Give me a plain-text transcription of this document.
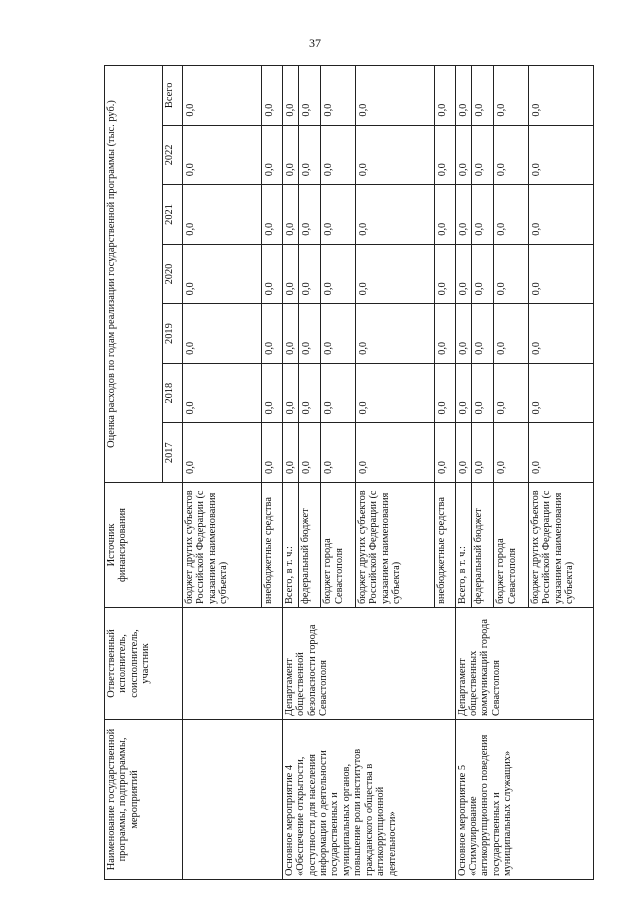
37
Наименование государственной программы, подпрограммы, мероприятий	Ответственный исполнитель, соисполнитель, участник	Источник финансирования	Оценка расходов по годам реализации государственной программы (тыс. руб.)						
			2017	2018	2019	2020	2021	2022	Всего
		бюджет других субъектов Российской Федерации (с указанием наименования субъекта)	0,0	0,0	0,0	0,0	0,0	0,0	0,0
		внебюджетные средства	0,0	0,0	0,0	0,0	0,0	0,0	0,0
Основное мероприятие 4 «Обеспечение открытости, доступности для населения информации о деятельности государственных и муниципальных органов, повышение роли институтов гражданского общества в антикоррупционной деятельности»	Департамент общественной безопасности города Севастополя	Всего, в т. ч.:	0,0	0,0	0,0	0,0	0,0	0,0	0,0
		федеральный бюджет	0,0	0,0	0,0	0,0	0,0	0,0	0,0
		бюджет города Севастополя	0,0	0,0	0,0	0,0	0,0	0,0	0,0
		бюджет других субъектов Российской Федерации (с указанием наименования субъекта)	0,0	0,0	0,0	0,0	0,0	0,0	0,0
		внебюджетные средства	0,0	0,0	0,0	0,0	0,0	0,0	0,0
Основное мероприятие 5 «Стимулирование антикоррупционного поведения государственных и муниципальных служащих»	Департамент общественных коммуникаций города Севастополя	Всего, в т. ч.:	0,0	0,0	0,0	0,0	0,0	0,0	0,0
		федеральный бюджет	0,0	0,0	0,0	0,0	0,0	0,0	0,0
		бюджет города Севастополя	0,0	0,0	0,0	0,0	0,0	0,0	0,0
		бюджет других субъектов Российской Федерации (с указанием наименования субъекта)	0,0	0,0	0,0	0,0	0,0	0,0	0,0
